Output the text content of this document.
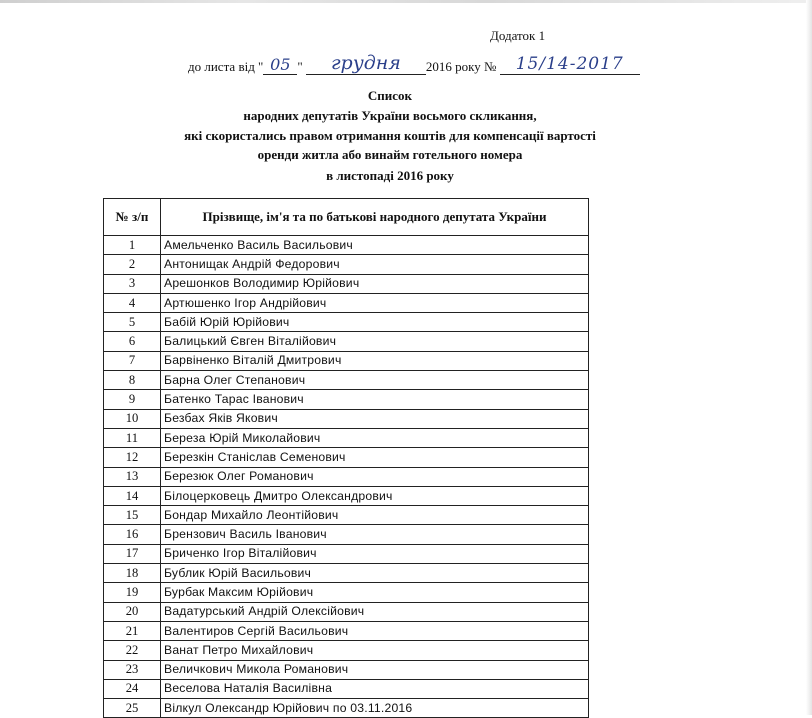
Додаток 1
до листа від " 05 " грудня 2016 року № 15/14-2017
Список
народних депутатів України восьмого скликання,
які скористались правом отримання коштів для компенсації вартості
оренди житла або винайм готельного номера
в листопаді 2016 року
№ з/п	Прізвище, ім'я та по батькові народного депутата України
1	Амельченко Василь Васильович
2	Антонищак Андрій Федорович
3	Арешонков Володимир Юрійович
4	Артюшенко Ігор Андрійович
5	Бабій Юрій Юрійович
6	Балицький Євген Віталійович
7	Барвіненко Віталій Дмитрович
8	Барна Олег Степанович
9	Батенко Тарас Іванович
10	Безбах Яків Якович
11	Береза Юрій Миколайович
12	Березкін Станіслав Семенович
13	Березюк Олег Романович
14	Білоцерковець Дмитро Олександрович
15	Бондар Михайло Леонтійович
16	Брензович Василь Іванович
17	Бриченко Ігор Віталійович
18	Бублик Юрій Васильович
19	Бурбак Максим Юрійович
20	Вадатурський Андрій Олексійович
21	Валентиров Сергій Васильович
22	Ванат Петро Михайлович
23	Величкович Микола Романович
24	Веселова Наталія Василівна
25	Вілкул Олександр Юрійович по 03.11.2016
